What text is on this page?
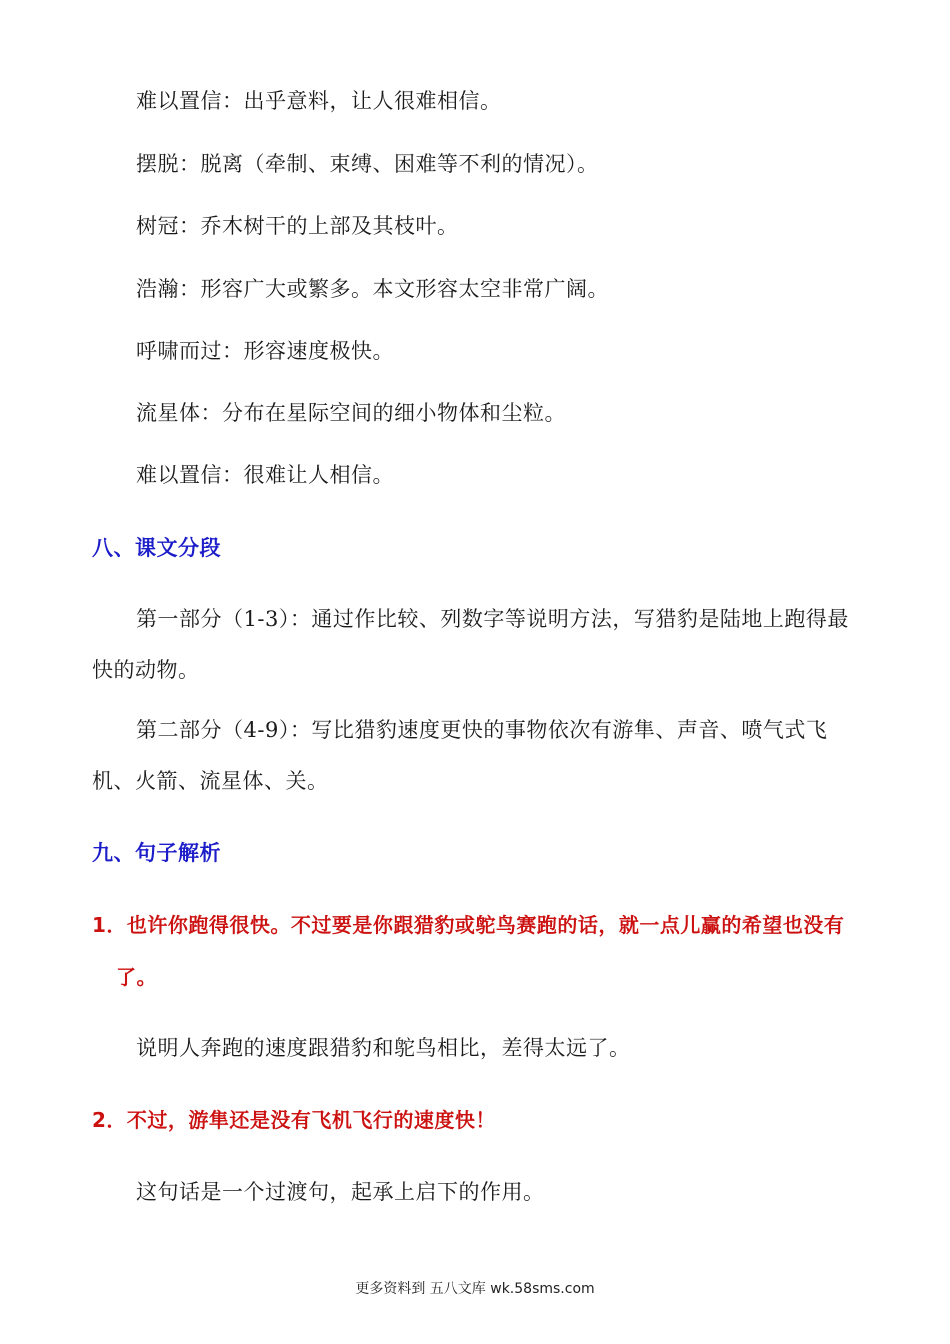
难以置信：出乎意料，让人很难相信。
摆脱：脱离（牵制、束缚、困难等不利的情况）。
树冠：乔木树干的上部及其枝叶。
浩瀚：形容广大或繁多。本文形容太空非常广阔。
呼啸而过：形容速度极快。
流星体：分布在星际空间的细小物体和尘粒。
难以置信：很难让人相信。
八、课文分段
第一部分（1-3）：通过作比较、列数字等说明方法，写猎豹是陆地上跑得最快的动物。
第二部分（4-9）：写比猎豹速度更快的事物依次有游隼、声音、喷气式飞机、火箭、流星体、关。
九、句子解析
1．也许你跑得很快。不过要是你跟猎豹或鸵鸟赛跑的话，就一点儿赢的希望也没有了。
说明人奔跑的速度跟猎豹和鸵鸟相比，差得太远了。
2．不过，游隼还是没有飞机飞行的速度快！
这句话是一个过渡句，起承上启下的作用。
更多资料到 五八文库 wk.58sms.com
